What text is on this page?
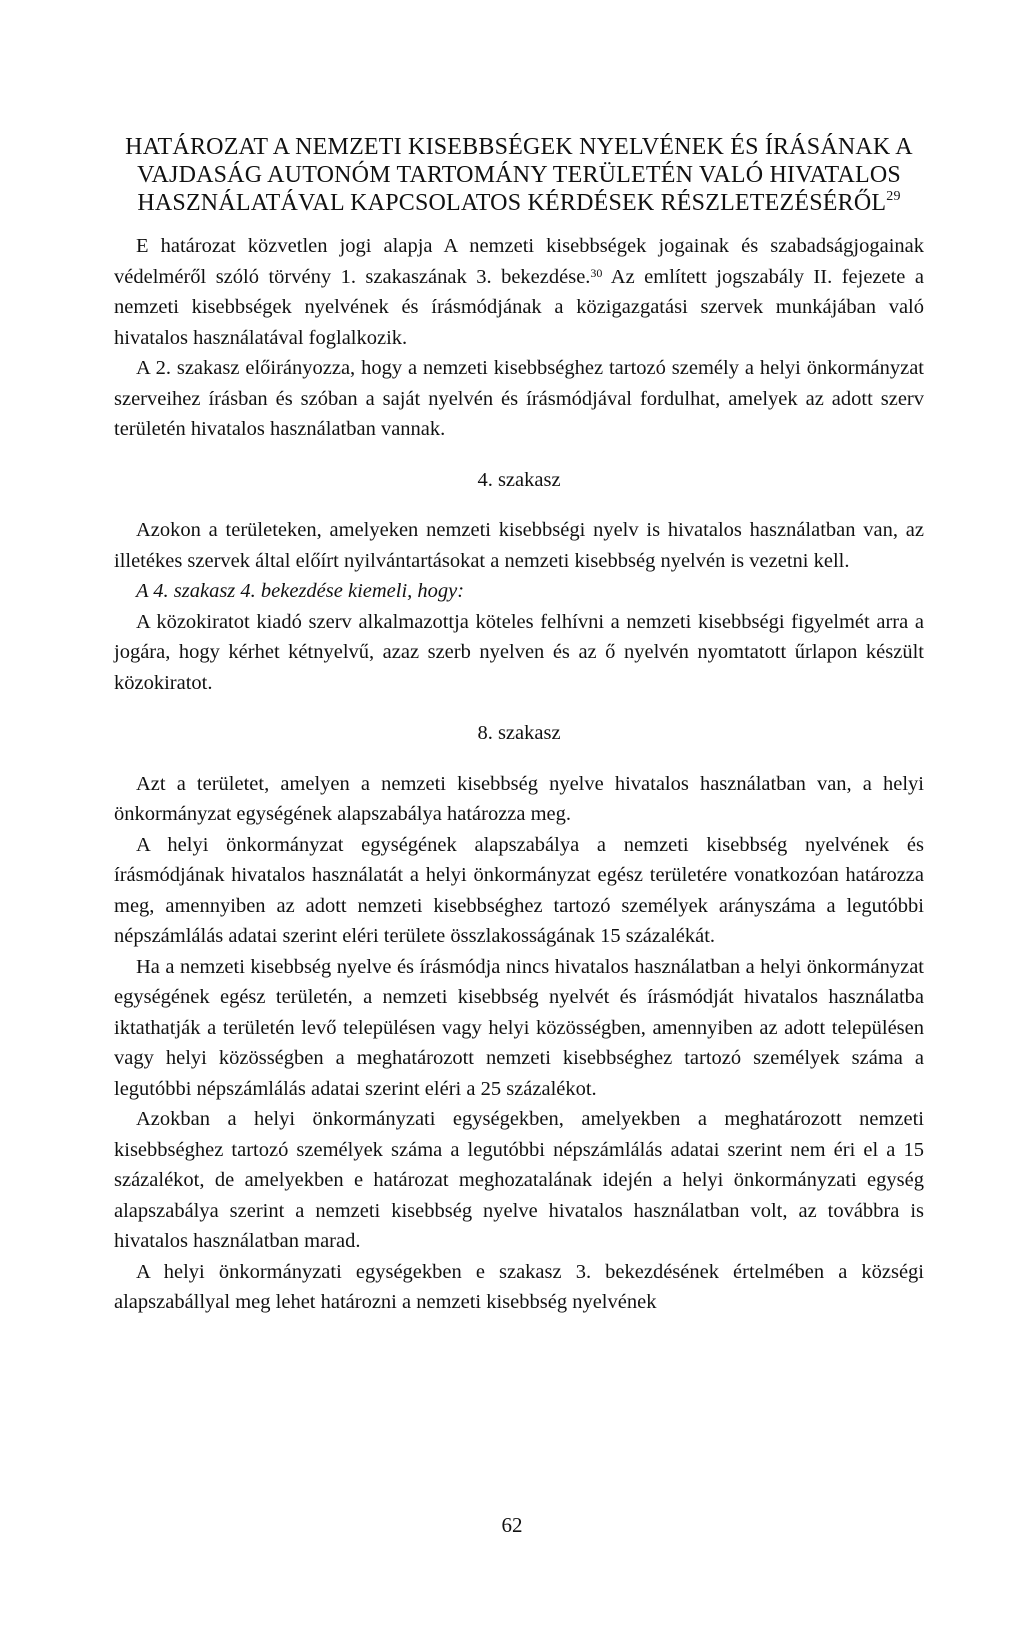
HATÁROZAT A NEMZETI KISEBBSÉGEK NYELVÉNEK ÉS ÍRÁSÁNAK A VAJDASÁG AUTONÓM TARTOMÁNY TERÜLETÉN VALÓ HIVATALOS HASZNÁLATÁVAL KAPCSOLATOS KÉRDÉSEK RÉSZLETEZÉSÉRŐL$^{29}$

E határozat közvetlen jogi alapja A nemzeti kisebbségek jogainak és szabadságjogainak védelméről szóló törvény 1. szakaszának 3. bekezdése.$^{30}$ Az említett jogszabály II. fejezete a nemzeti kisebbségek nyelvének és írásmódjának a közigazgatási szervek munkájában való hivatalos használatával foglalkozik.

A 2. szakasz előirányozza, hogy a nemzeti kisebbséghez tartozó személy a helyi önkormányzat szerveihez írásban és szóban a saját nyelvén és írásmódjával fordulhat, amelyek az adott szerv területén hivatalos használatban vannak.

4. szakasz

Azokon a területeken, amelyeken nemzeti kisebbségi nyelv is hivatalos használatban van, az illetékes szervek által előírt nyilvántartásokat a nemzeti kisebbség nyelvén is vezetni kell.

A 4. szakasz 4. bekezdése kiemeli, hogy:

A közokiratot kiadó szerv alkalmazottja köteles felhívni a nemzeti kisebbségi figyelmét arra a jogára, hogy kérhet kétnyelvű, azaz szerb nyelven és az ő nyelvén nyomtatott űrlapon készült közokiratot.

8. szakasz

Azt a területet, amelyen a nemzeti kisebbség nyelve hivatalos használatban van, a helyi önkormányzat egységének alapszabálya határozza meg.

A helyi önkormányzat egységének alapszabálya a nemzeti kisebbség nyelvének és írásmódjának hivatalos használatát a helyi önkormányzat egész területére vonatkozóan határozza meg, amennyiben az adott nemzeti kisebbséghez tartozó személyek arányszáma a legutóbbi népszámlálás adatai szerint eléri területe összlakosságának 15 százalékát.

Ha a nemzeti kisebbség nyelve és írásmódja nincs hivatalos használatban a helyi önkormányzat egységének egész területén, a nemzeti kisebbség nyelvét és írásmódját hivatalos használatba iktathatják a területén levő településen vagy helyi közösségben, amennyiben az adott településen vagy helyi közösségben a meghatározott nemzeti kisebbséghez tartozó személyek száma a legutóbbi népszámlálás adatai szerint eléri a 25 százalékot.

Azokban a helyi önkormányzati egységekben, amelyekben a meghatározott nemzeti kisebbséghez tartozó személyek száma a legutóbbi népszámlálás adatai szerint nem éri el a 15 százalékot, de amelyekben e határozat meghozatalának idején a helyi önkormányzati egység alapszabálya szerint a nemzeti kisebbség nyelve hivatalos használatban volt, az továbbra is hivatalos használatban marad.

A helyi önkormányzati egységekben e szakasz 3. bekezdésének értelmében a községi alapszabállyal meg lehet határozni a nemzeti kisebbség nyelvének

62
